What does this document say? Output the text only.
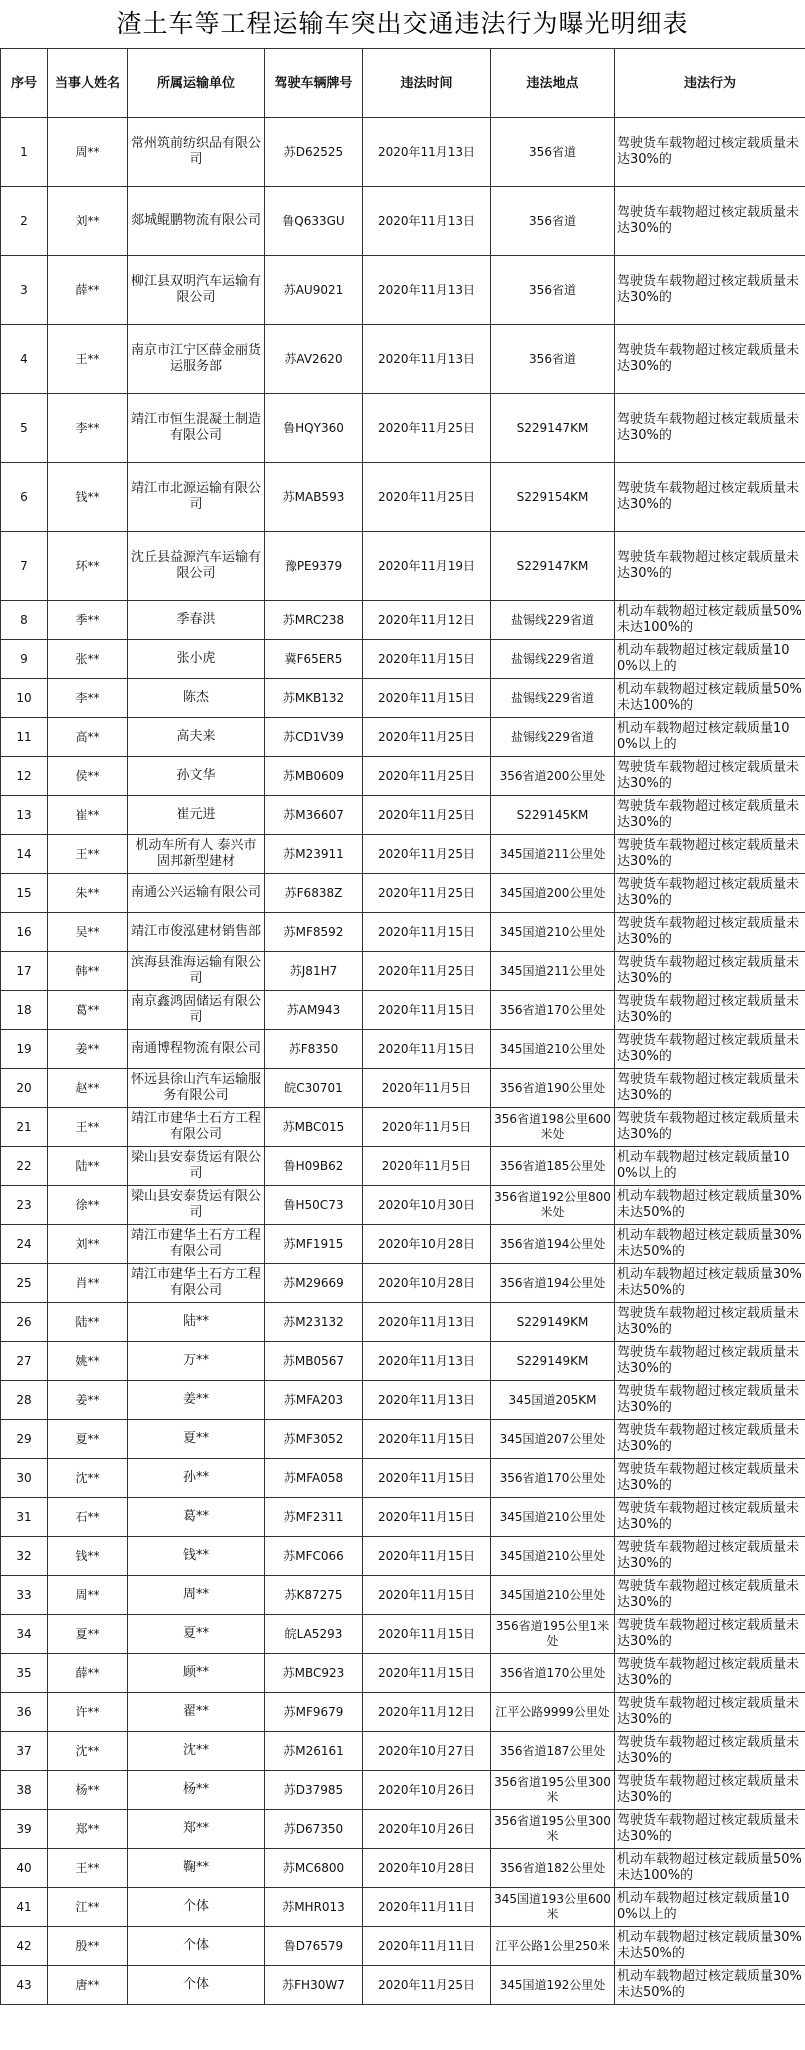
渣土车等工程运输车突出交通违法行为曝光明细表
序号	当事人姓名	所属运输单位	驾驶车辆牌号	违法时间	违法地点	违法行为
1	周**	常州筑前纺织品有限公司	苏D62525	2020年11月13日	356省道	驾驶货车载物超过核定载质量未达30%的
2	刘**	郯城鲲鹏物流有限公司	鲁Q633GU	2020年11月13日	356省道	驾驶货车载物超过核定载质量未达30%的
3	薛**	柳江县双明汽车运输有限公司	苏AU9021	2020年11月13日	356省道	驾驶货车载物超过核定载质量未达30%的
4	王**	南京市江宁区薛金丽货运服务部	苏AV2620	2020年11月13日	356省道	驾驶货车载物超过核定载质量未达30%的
5	李**	靖江市恒生混凝土制造有限公司	鲁HQY360	2020年11月25日	S229147KM	驾驶货车载物超过核定载质量未达30%的
6	钱**	靖江市北源运输有限公司	苏MAB593	2020年11月25日	S229154KM	驾驶货车载物超过核定载质量未达30%的
7	环**	沈丘县益源汽车运输有限公司	豫PE9379	2020年11月19日	S229147KM	驾驶货车载物超过核定载质量未达30%的
8	季**	季春洪	苏MRC238	2020年11月12日	盐锡线229省道	机动车载物超过核定载质量50%未达100%的
9	张**	张小虎	冀F65ER5	2020年11月15日	盐锡线229省道	机动车载物超过核定载质量100%以上的
10	李**	陈杰	苏MKB132	2020年11月15日	盐锡线229省道	机动车载物超过核定载质量50%未达100%的
11	高**	高夫来	苏CD1V39	2020年11月25日	盐锡线229省道	机动车载物超过核定载质量100%以上的
12	侯**	孙文华	苏MB0609	2020年11月25日	356省道200公里处	驾驶货车载物超过核定载质量未达30%的
13	崔**	崔元进	苏M36607	2020年11月25日	S229145KM	驾驶货车载物超过核定载质量未达30%的
14	王**	机动车所有人 泰兴市固邦新型建材	苏M23911	2020年11月25日	345国道211公里处	驾驶货车载物超过核定载质量未达30%的
15	朱**	南通公兴运输有限公司	苏F6838Z	2020年11月25日	345国道200公里处	驾驶货车载物超过核定载质量未达30%的
16	吴**	靖江市俊泓建材销售部	苏MF8592	2020年11月15日	345国道210公里处	驾驶货车载物超过核定载质量未达30%的
17	韩**	滨海县淮海运输有限公司	苏J81H7	2020年11月25日	345国道211公里处	驾驶货车载物超过核定载质量未达30%的
18	葛**	南京鑫鸿固储运有限公司	苏AM943	2020年11月15日	356省道170公里处	驾驶货车载物超过核定载质量未达30%的
19	姜**	南通博程物流有限公司	苏F8350	2020年11月15日	345国道210公里处	驾驶货车载物超过核定载质量未达30%的
20	赵**	怀远县徐山汽车运输服务有限公司	皖C30701	2020年11月5日	356省道190公里处	驾驶货车载物超过核定载质量未达30%的
21	王**	靖江市建华土石方工程有限公司	苏MBC015	2020年11月5日	356省道198公里600米处	驾驶货车载物超过核定载质量未达30%的
22	陆**	梁山县安泰货运有限公司	鲁H09B62	2020年11月5日	356省道185公里处	机动车载物超过核定载质量100%以上的
23	徐**	梁山县安泰货运有限公司	鲁H50C73	2020年10月30日	356省道192公里800米处	机动车载物超过核定载质量30%未达50%的
24	刘**	靖江市建华土石方工程有限公司	苏MF1915	2020年10月28日	356省道194公里处	机动车载物超过核定载质量30%未达50%的
25	肖**	靖江市建华土石方工程有限公司	苏M29669	2020年10月28日	356省道194公里处	机动车载物超过核定载质量30%未达50%的
26	陆**	陆**	苏M23132	2020年11月13日	S229149KM	驾驶货车载物超过核定载质量未达30%的
27	姚**	万**	苏MB0567	2020年11月13日	S229149KM	驾驶货车载物超过核定载质量未达30%的
28	姜**	姜**	苏MFA203	2020年11月13日	345国道205KM	驾驶货车载物超过核定载质量未达30%的
29	夏**	夏**	苏MF3052	2020年11月15日	345国道207公里处	驾驶货车载物超过核定载质量未达30%的
30	沈**	孙**	苏MFA058	2020年11月15日	356省道170公里处	驾驶货车载物超过核定载质量未达30%的
31	石**	葛**	苏MF2311	2020年11月15日	345国道210公里处	驾驶货车载物超过核定载质量未达30%的
32	钱**	钱**	苏MFC066	2020年11月15日	345国道210公里处	驾驶货车载物超过核定载质量未达30%的
33	周**	周**	苏K87275	2020年11月15日	345国道210公里处	驾驶货车载物超过核定载质量未达30%的
34	夏**	夏**	皖LA5293	2020年11月15日	356省道195公里1米处	驾驶货车载物超过核定载质量未达30%的
35	薛**	顾**	苏MBC923	2020年11月15日	356省道170公里处	驾驶货车载物超过核定载质量未达30%的
36	许**	翟**	苏MF9679	2020年11月12日	江平公路9999公里处	驾驶货车载物超过核定载质量未达30%的
37	沈**	沈**	苏M26161	2020年10月27日	356省道187公里处	驾驶货车载物超过核定载质量未达30%的
38	杨**	杨**	苏D37985	2020年10月26日	356省道195公里300米	驾驶货车载物超过核定载质量未达30%的
39	郑**	郑**	苏D67350	2020年10月26日	356省道195公里300米	驾驶货车载物超过核定载质量未达30%的
40	王**	鞠**	苏MC6800	2020年10月28日	356省道182公里处	机动车载物超过核定载质量50%未达100%的
41	江**	个体	苏MHR013	2020年11月11日	345国道193公里600米	机动车载物超过核定载质量100%以上的
42	殷**	个体	鲁D76579	2020年11月11日	江平公路1公里250米	机动车载物超过核定载质量30%未达50%的
43	唐**	个体	苏FH30W7	2020年11月25日	345国道192公里处	机动车载物超过核定载质量30%未达50%的
